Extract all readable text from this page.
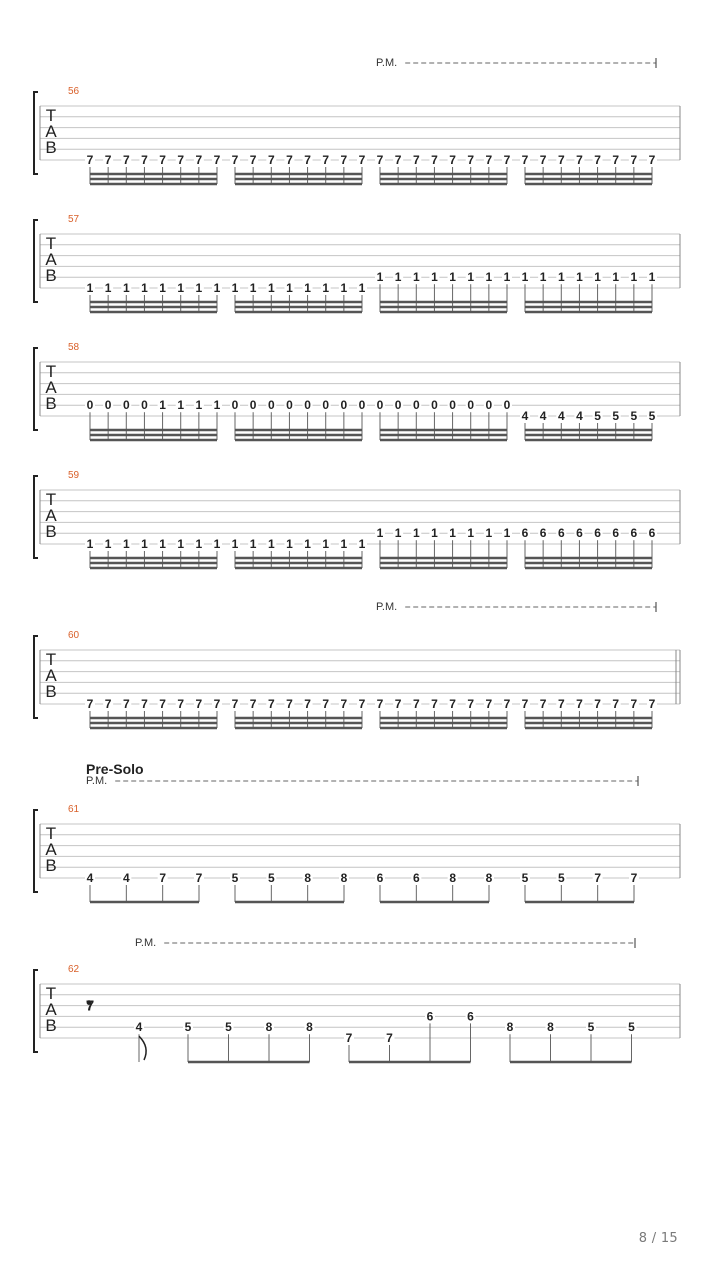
T
A
B
56
P.M.
7 7 7 7 7 7 7 7 7 7 7 7 7 7 7 7 7 7 7 7 7 7 7 7 7 7 7 7 7 7 7 7
T
A
B
57
1 1 1 1 1 1 1 1 1 1 1 1 1 1 1 1
1 1 1 1 1 1 1 1 1 1 1 1 1 1 1 1
T
A
B
58
0 0 0 0 1 1 1 1 0 0 0 0 0 0 0 0 0 0 0 0 0 0 0 0
4 4 4 4 5 5 5 5
T
A
B
59
1 1 1 1 1 1 1 1 1 1 1 1 1 1 1 1
1 1 1 1 1 1 1 1 6 6 6 6 6 6 6 6
T
A
B
60
P.M.
7 7 7 7 7 7 7 7 7 7 7 7 7 7 7 7 7 7 7 7 7 7 7 7 7 7 7 7 7 7 7 7
T
A
B
61
Pre-Solo
P.M.
4 4 7 7 5 5 8 8 6 6 8 8 5 5 7 7
T
A
B
62
P.M.
7
4	5	5	8	8
7	7
6	6
8	8	5	5
8 / 15
